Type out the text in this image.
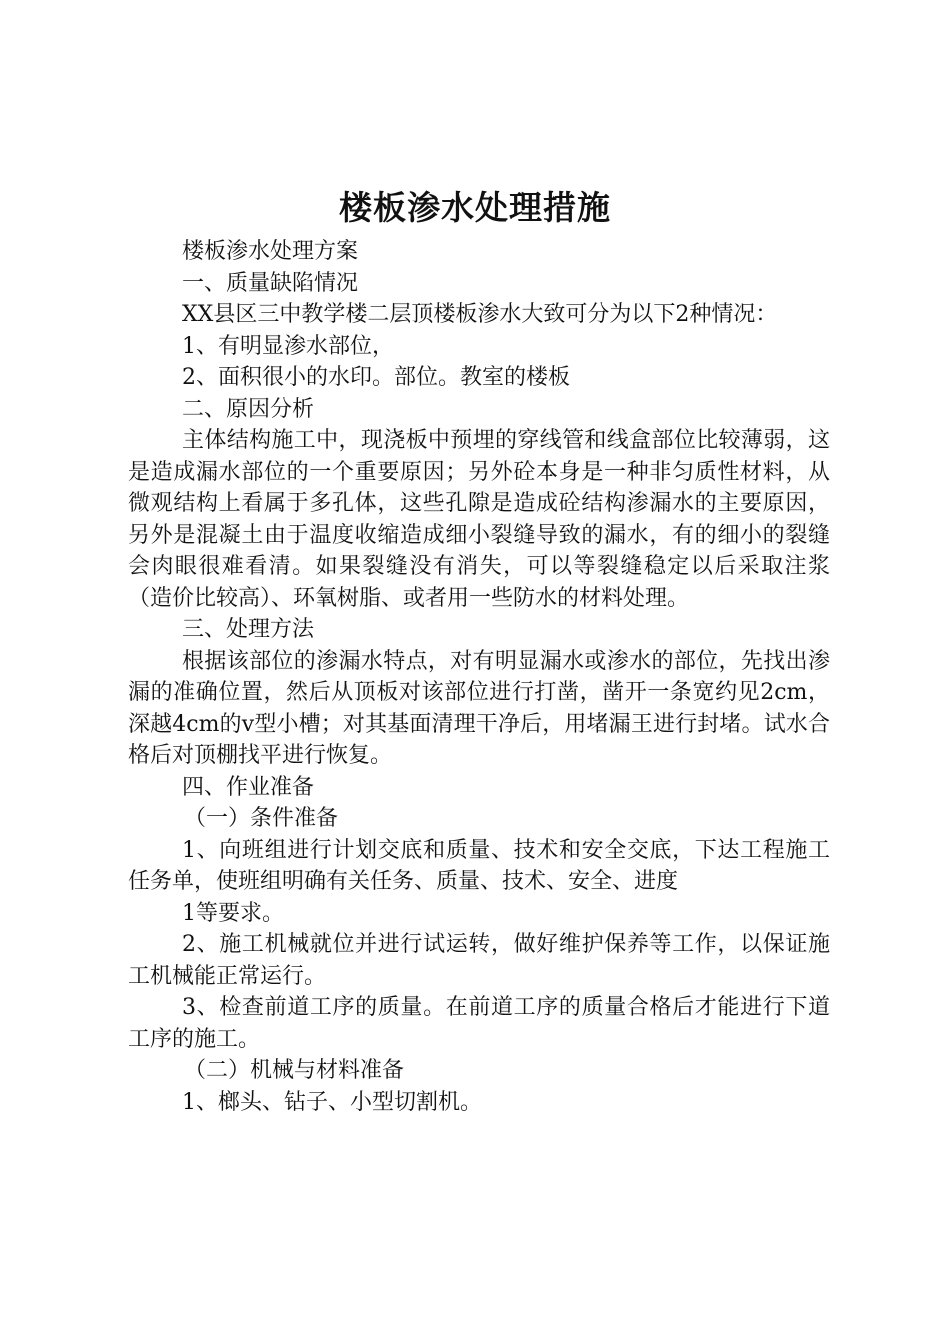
楼板渗水处理措施

楼板渗水处理方案

一、质量缺陷情况

XX县区三中教学楼二层顶楼板渗水大致可分为以下2种情况：

1、有明显渗水部位，

2、面积很小的水印。部位。教室的楼板

二、原因分析

主体结构施工中，现浇板中预埋的穿线管和线盒部位比较薄弱，这是造成漏水部位的一个重要原因；另外砼本身是一种非匀质性材料，从微观结构上看属于多孔体，这些孔隙是造成砼结构渗漏水的主要原因，另外是混凝土由于温度收缩造成细小裂缝导致的漏水，有的细小的裂缝会肉眼很难看清。如果裂缝没有消失，可以等裂缝稳定以后采取注浆（造价比较高）、环氧树脂、或者用一些防水的材料处理。

三、处理方法

根据该部位的渗漏水特点，对有明显漏水或渗水的部位，先找出渗漏的准确位置，然后从顶板对该部位进行打凿，凿开一条宽约见2cm，深越4cm的v型小槽；对其基面清理干净后，用堵漏王进行封堵。试水合格后对顶棚找平进行恢复。

四、作业准备

（一）条件准备

1、向班组进行计划交底和质量、技术和安全交底，下达工程施工任务单，使班组明确有关任务、质量、技术、安全、进度

1等要求。

2、施工机械就位并进行试运转，做好维护保养等工作，以保证施工机械能正常运行。

3、检查前道工序的质量。在前道工序的质量合格后才能进行下道工序的施工。

（二）机械与材料准备

1、榔头、钻子、小型切割机。
